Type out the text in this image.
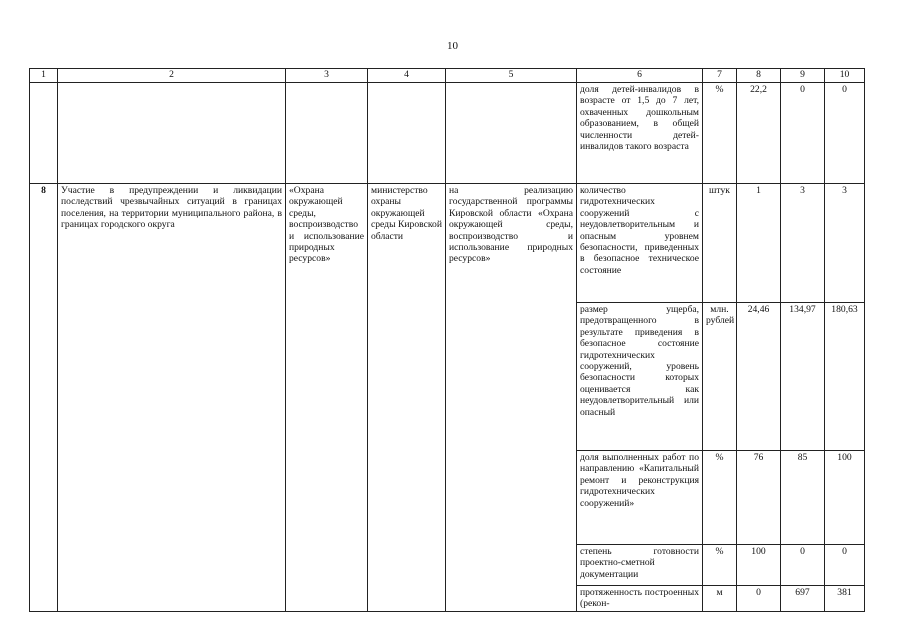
10
1	2	3	4	5	6	7	8	9	10
					доля детей-инвалидов в возрасте от 1,5 до 7 лет, охваченных дошкольным образованием, в общей численности детей-инвалидов такого возраста	%	22,2	0	0
8	Участие в предупреждении и ликвидации последствий чрезвычайных ситуаций в границах поселения, на территории муниципального района, в границах городского округа	«Охрана окружающей среды, воспроизводство и использование природных ресурсов»	министерство охраны окружающей среды Кировской области	на реализацию государственной программы Кировской области «Охрана окружающей среды, воспроизводство и использование природных ресурсов»	количество гидротехнических сооружений с неудовлетворительным и опасным уровнем безопасности, приведенных в безопасное техническое состояние	штук	1	3	3
					размер ущерба, предотвращенного в результате приведения в безопасное состояние гидротехнических сооружений, уровень безопасности которых оценивается как неудовлетворительный или опасный	млн. рублей	24,46	134,97	180,63
					доля выполненных работ по направлению «Капитальный ремонт и реконструкция гидротехнических сооружений»	%	76	85	100
					степень готовности проектно-сметной документации	%	100	0	0
					протяженность построенных (рекон-	м	0	697	381
